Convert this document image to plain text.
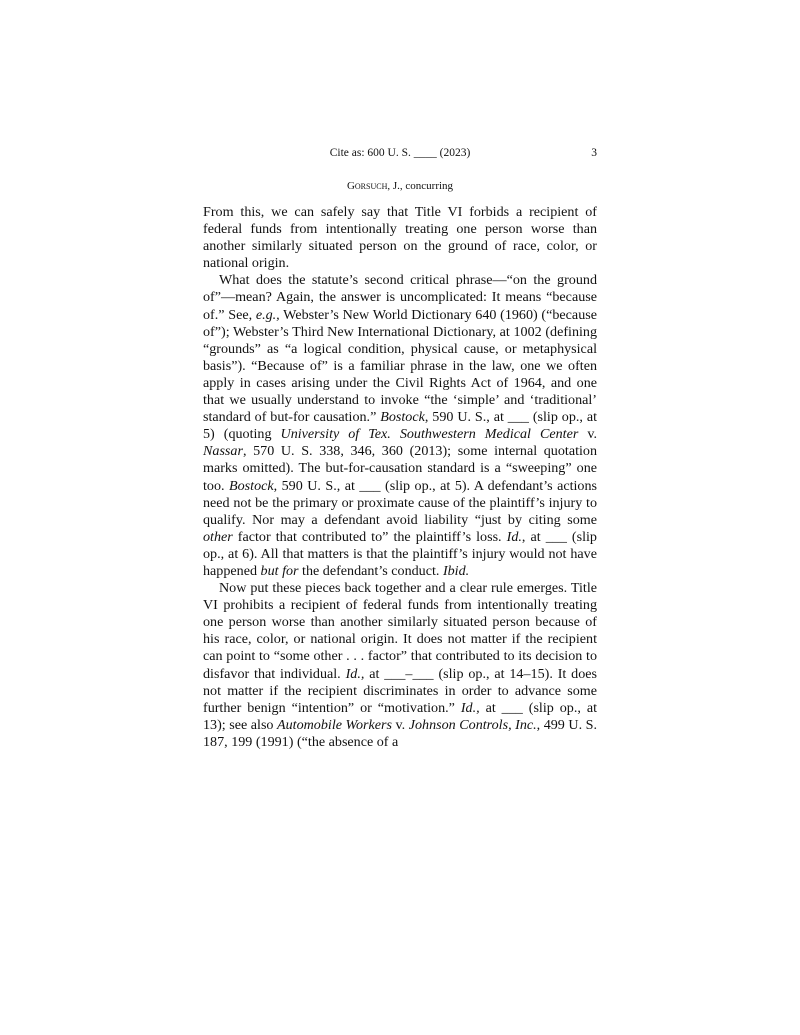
Cite as: 600 U. S. ____ (2023)	3
Gorsuch, J., concurring

From this, we can safely say that Title VI forbids a recipient of federal funds from intentionally treating one person worse than another similarly situated person on the ground of race, color, or national origin.

What does the statute’s second critical phrase—“on the ground of”—mean? Again, the answer is uncomplicated: It means “because of.” See, e.g., Webster’s New World Dictionary 640 (1960) (“because of”); Webster’s Third New International Dictionary, at 1002 (defining “grounds” as “a logical condition, physical cause, or metaphysical basis”). “Because of” is a familiar phrase in the law, one we often apply in cases arising under the Civil Rights Act of 1964, and one that we usually understand to invoke “the ‘simple’ and ‘traditional’ standard of but-for causation.” Bostock, 590 U. S., at ___ (slip op., at 5) (quoting University of Tex. Southwestern Medical Center v. Nassar, 570 U. S. 338, 346, 360 (2013); some internal quotation marks omitted). The but-for-causation standard is a “sweeping” one too. Bostock, 590 U. S., at ___ (slip op., at 5). A defendant’s actions need not be the primary or proximate cause of the plaintiff’s injury to qualify. Nor may a defendant avoid liability “just by citing some other factor that contributed to” the plaintiff’s loss. Id., at ___ (slip op., at 6). All that matters is that the plaintiff’s injury would not have happened but for the defendant’s conduct. Ibid.

Now put these pieces back together and a clear rule emerges. Title VI prohibits a recipient of federal funds from intentionally treating one person worse than another similarly situated person because of his race, color, or national origin. It does not matter if the recipient can point to “some other . . . factor” that contributed to its decision to disfavor that individual. Id., at ___–___ (slip op., at 14–15). It does not matter if the recipient discriminates in order to advance some further benign “intention” or “motivation.” Id., at ___ (slip op., at 13); see also Automobile Workers v. Johnson Controls, Inc., 499 U. S. 187, 199 (1991) (“the absence of a
